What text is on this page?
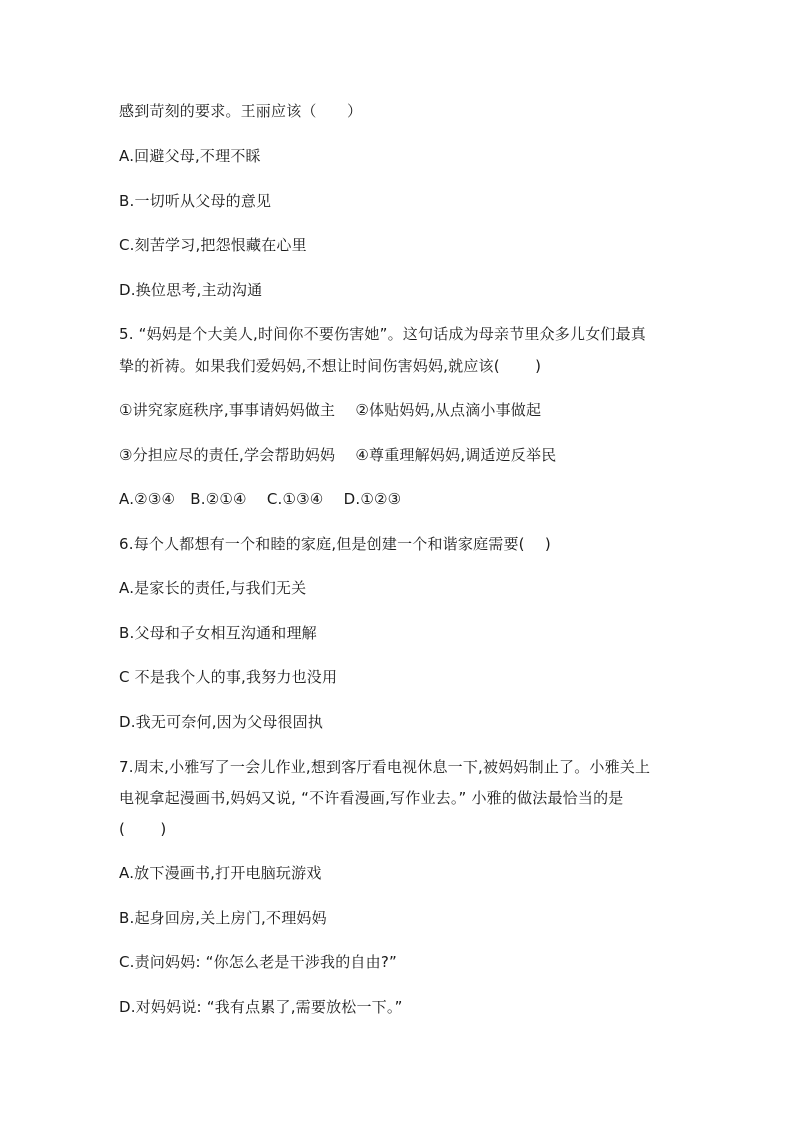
感到苛刻的要求。王丽应该（　　）
A.回避父母,不理不睬
B.一切听从父母的意见
C.刻苦学习,把怨恨藏在心里
D.换位思考,主动沟通
5. “妈妈是个大美人,时间你不要伤害她”。这句话成为母亲节里众多儿女们最真
挚的祈祷。如果我们爱妈妈,不想让时间伤害妈妈,就应该(　　 )
①讲究家庭秩序,事事请妈妈做主　 ②体贴妈妈,从点滴小事做起
③分担应尽的责任,学会帮助妈妈　 ④尊重理解妈妈,调适逆反举民
A.②③④　B.②①④　 C.①③④　 D.①②③
6.每个人都想有一个和睦的家庭,但是创建一个和谐家庭需要(　 )
A.是家长的责任,与我们无关
B.父母和子女相互沟通和理解
C 不是我个人的事,我努力也没用
D.我无可奈何,因为父母很固执
7.周末,小雅写了一会儿作业,想到客厅看电视休息一下,被妈妈制止了。小雅关上
电视拿起漫画书,妈妈又说, “不许看漫画,写作业去。” 小雅的做法最恰当的是
(　　 )
A.放下漫画书,打开电脑玩游戏
B.起身回房,关上房门,不理妈妈
C.责问妈妈: “你怎么老是干涉我的自由?”
D.对妈妈说: “我有点累了,需要放松一下。”
